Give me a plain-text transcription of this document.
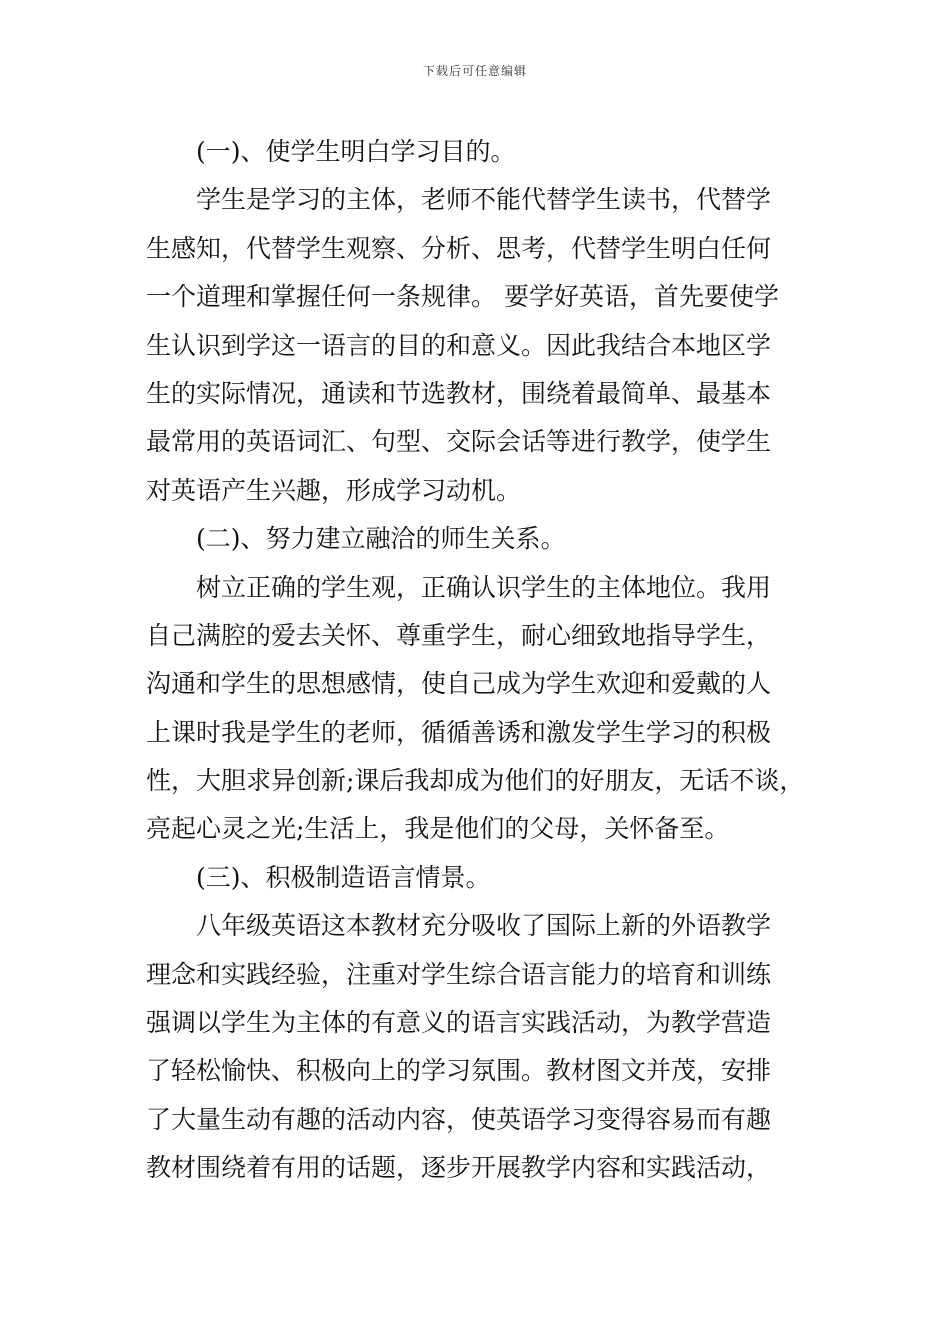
下载后可任意编辑
(一)、使学生明白学习目的。
学生是学习的主体，老师不能代替学生读书，代替学
生感知，代替学生观察、分析、思考，代替学生明白任何
一个道理和掌握任何一条规律。 要学好英语，首先要使学
生认识到学这一语言的目的和意义。因此我结合本地区学
生的实际情况，通读和节选教材，围绕着最简单、最基本
最常用的英语词汇、句型、交际会话等进行教学，使学生
对英语产生兴趣，形成学习动机。
(二)、努力建立融洽的师生关系。
树立正确的学生观，正确认识学生的主体地位。我用
自己满腔的爱去关怀、尊重学生，耐心细致地指导学生，
沟通和学生的思想感情，使自己成为学生欢迎和爱戴的人
上课时我是学生的老师，循循善诱和激发学生学习的积极
性，大胆求异创新;课后我却成为他们的好朋友，无话不谈，
亮起心灵之光;生活上，我是他们的父母，关怀备至。
(三)、积极制造语言情景。
八年级英语这本教材充分吸收了国际上新的外语教学
理念和实践经验，注重对学生综合语言能力的培育和训练
强调以学生为主体的有意义的语言实践活动，为教学营造
了轻松愉快、积极向上的学习氛围。教材图文并茂，安排
了大量生动有趣的活动内容，使英语学习变得容易而有趣
教材围绕着有用的话题，逐步开展教学内容和实践活动，
